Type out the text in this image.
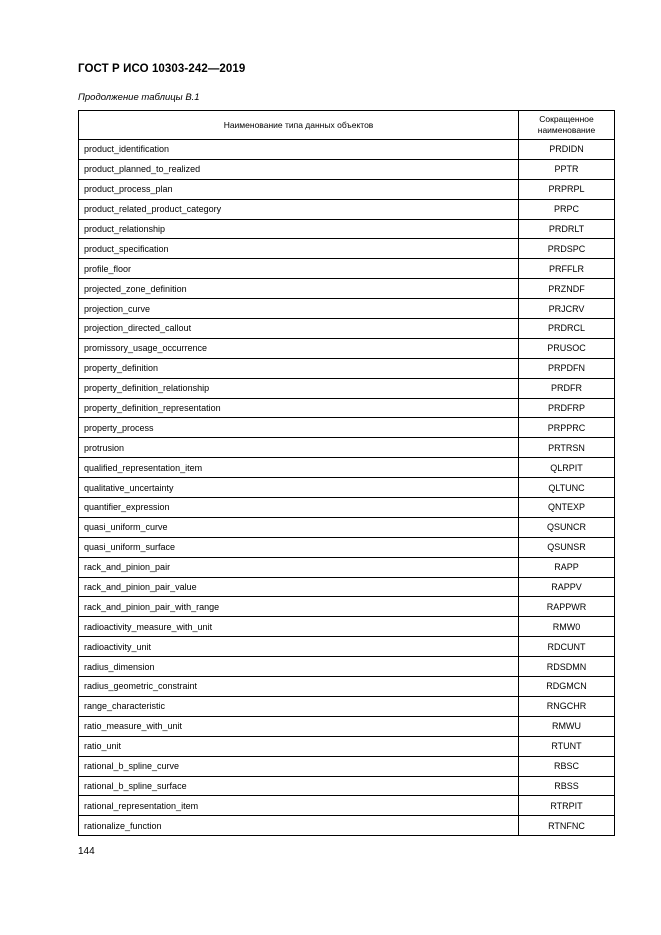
ГОСТ Р ИСО 10303-242—2019
Продолжение таблицы В.1
Наименование типа данных объектов	Сокращенное наименование
product_identification	PRDIDN
product_planned_to_realized	PPTR
product_process_plan	PRPRPL
product_related_product_category	PRPC
product_relationship	PRDRLT
product_specification	PRDSPC
profile_floor	PRFFLR
projected_zone_definition	PRZNDF
projection_curve	PRJCRV
projection_directed_callout	PRDRCL
promissory_usage_occurrence	PRUSOC
property_definition	PRPDFN
property_definition_relationship	PRDFR
property_definition_representation	PRDFRP
property_process	PRPPRC
protrusion	PRTRSN
qualified_representation_item	QLRPIT
qualitative_uncertainty	QLTUNC
quantifier_expression	QNTEXP
quasi_uniform_curve	QSUNCR
quasi_uniform_surface	QSUNSR
rack_and_pinion_pair	RAPP
rack_and_pinion_pair_value	RAPPV
rack_and_pinion_pair_with_range	RAPPWR
radioactivity_measure_with_unit	RMW0
radioactivity_unit	RDCUNT
radius_dimension	RDSDMN
radius_geometric_constraint	RDGMCN
range_characteristic	RNGCHR
ratio_measure_with_unit	RMWU
ratio_unit	RTUNT
rational_b_spline_curve	RBSC
rational_b_spline_surface	RBSS
rational_representation_item	RTRPIT
rationalize_function	RTNFNC
144
